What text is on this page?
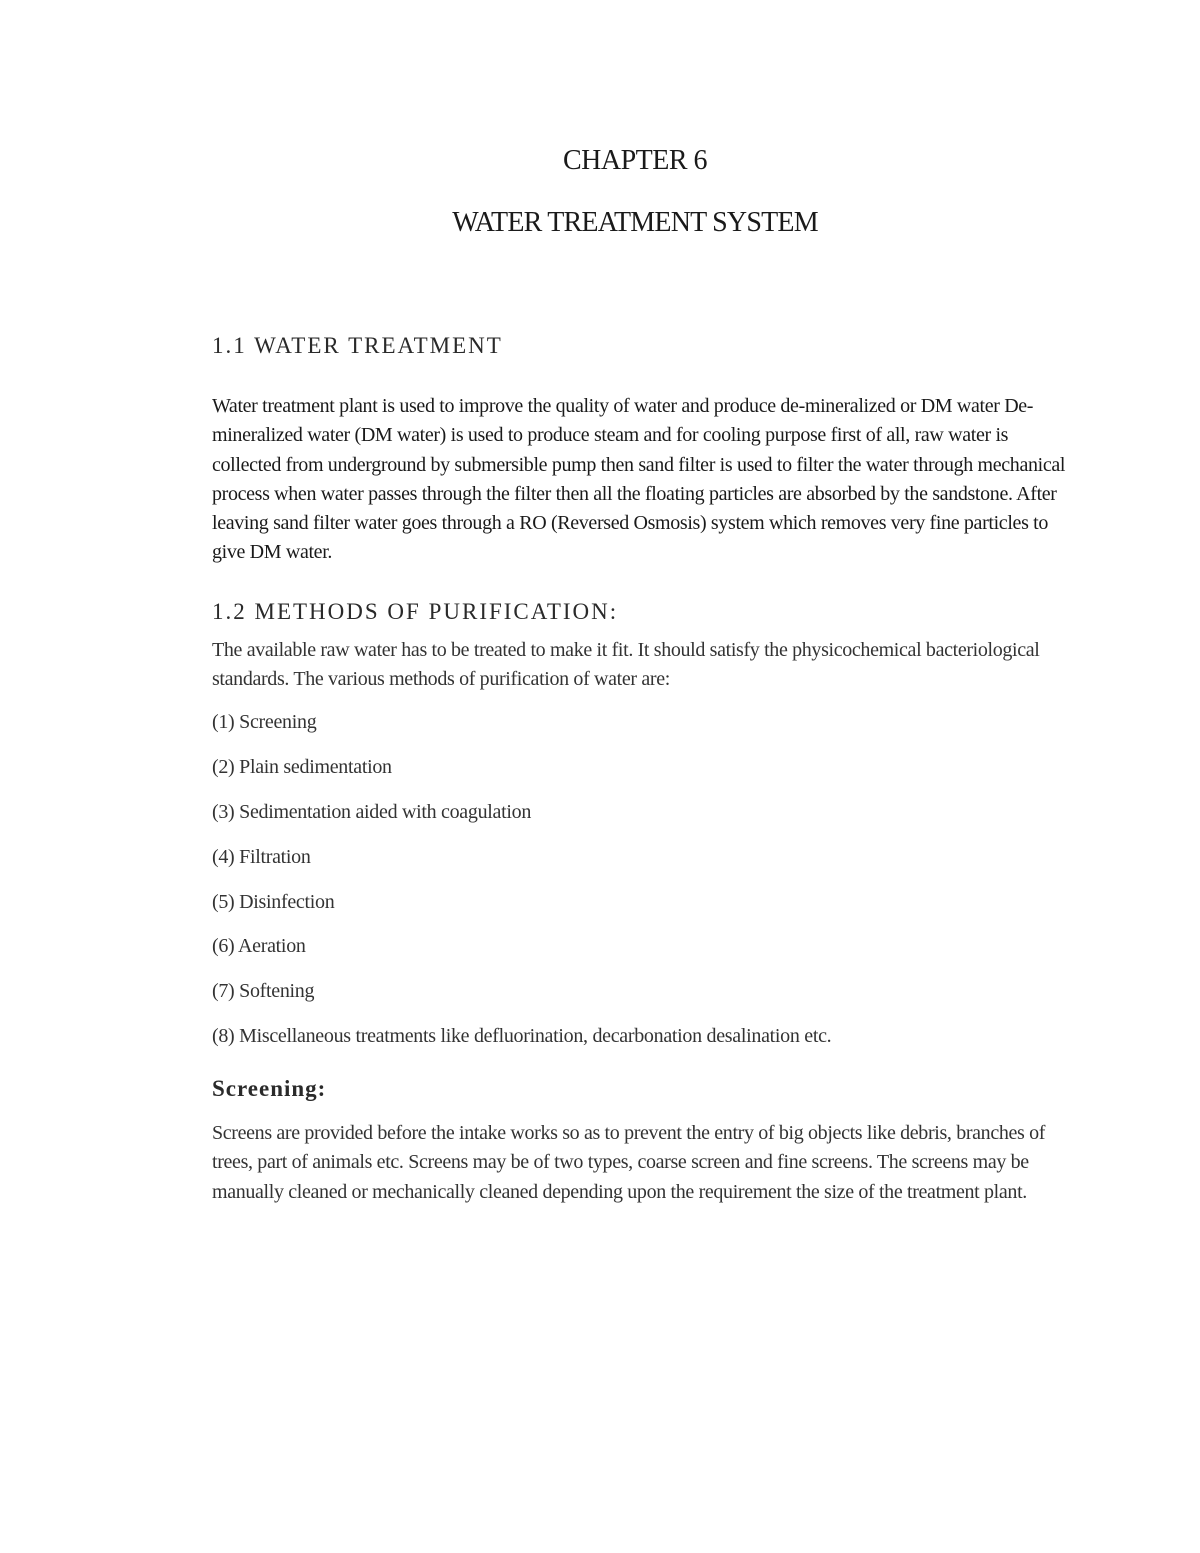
CHAPTER 6
WATER TREATMENT SYSTEM
1.1 WATER TREATMENT

Water treatment plant is used to improve the quality of water and produce de-mineralized or DM water De-mineralized water (DM water) is used to produce steam and for cooling purpose first of all, raw water is collected from underground by submersible pump then sand filter is used to filter the water through mechanical process when water passes through the filter then all the floating particles are absorbed by the sandstone. After leaving sand filter water goes through a RO (Reversed Osmosis) system which removes very fine particles to give DM water.

1.2 METHODS OF PURIFICATION:

The available raw water has to be treated to make it fit. It should satisfy the physicochemical bacteriological standards. The various methods of purification of water are:

(1) Screening
(2) Plain sedimentation
(3) Sedimentation aided with coagulation
(4) Filtration
(5) Disinfection
(6) Aeration
(7) Softening
(8) Miscellaneous treatments like defluorination, decarbonation desalination etc.
Screening:

Screens are provided before the intake works so as to prevent the entry of big objects like debris, branches of trees, part of animals etc. Screens may be of two types, coarse screen and fine screens. The screens may be manually cleaned or mechanically cleaned depending upon the requirement the size of the treatment plant.
